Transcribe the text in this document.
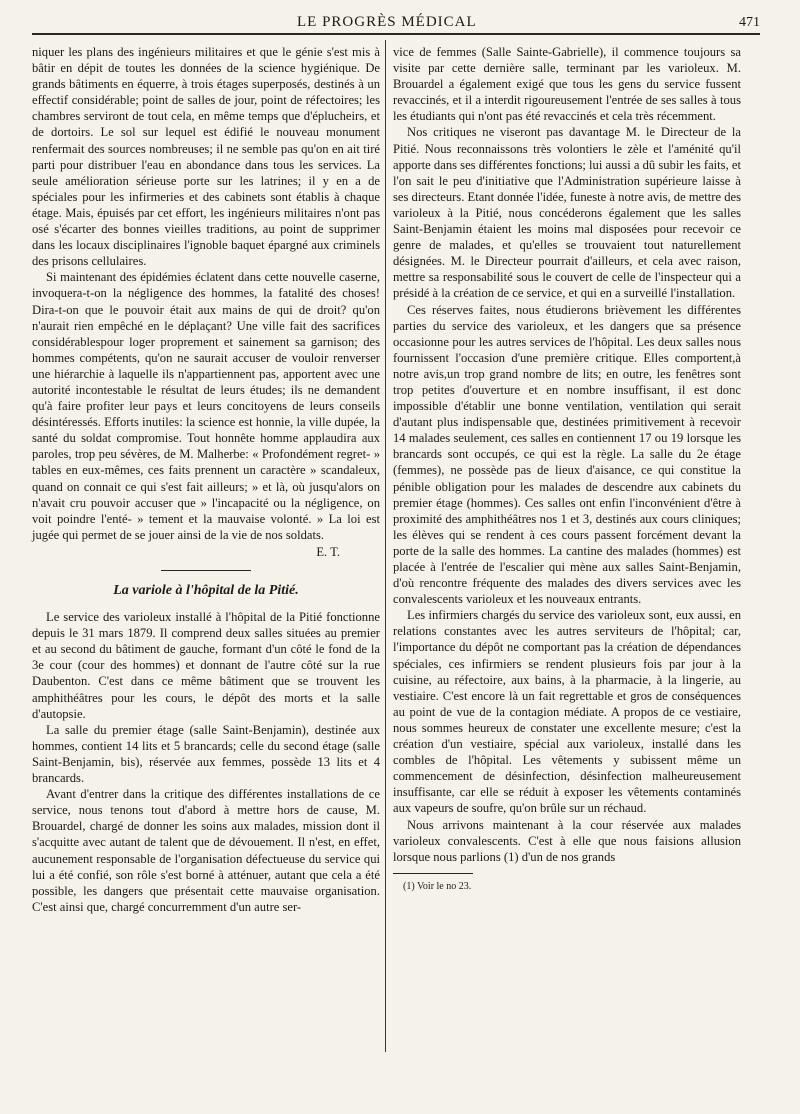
LE PROGRÈS MÉDICAL	471

niquer les plans des ingénieurs militaires et que le génie s'est mis à bâtir en dépit de toutes les données de la science hygiénique. De grands bâtiments en équerre, à trois étages superposés, destinés à un effectif considérable; point de salles de jour, point de réfectoires; les chambres serviront de tout cela, en même temps que d'éplucheirs, et de dortoirs. Le sol sur lequel est édifié le nouveau monument renfermait des sources nombreuses; il ne semble pas qu'on en ait tiré parti pour distribuer l'eau en abondance dans tous les services. La seule amélioration sérieuse porte sur les latrines; il y en a de spéciales pour les infirmeries et des cabinets sont établis à chaque étage. Mais, épuisés par cet effort, les ingénieurs militaires n'ont pas osé s'écarter des bonnes vieilles traditions, au point de supprimer dans les locaux disciplinaires l'ignoble baquet épargné aux criminels des prisons cellulaires.

Si maintenant des épidémies éclatent dans cette nouvelle caserne, invoquera-t-on la négligence des hommes, la fatalité des choses! Dira-t-on que le pouvoir était aux mains de qui de droit? qu'on n'aurait rien empêché en le déplaçant? Une ville fait des sacrifices considérablespour loger proprement et sainement sa garnison; des hommes compétents, qu'on ne saurait accuser de vouloir renverser une hiérarchie à laquelle ils n'appartiennent pas, apportent avec une autorité incontestable le résultat de leurs études; ils ne demandent qu'à faire profiter leur pays et leurs concitoyens de leurs conseils désintéressés. Efforts inutiles: la science est honnie, la ville dupée, la santé du soldat compromise. Tout honnête homme applaudira aux paroles, trop peu sévères, de M. Malherbe: « Profondément regret- » tables en eux-mêmes, ces faits prennent un caractère » scandaleux, quand on connait ce qui s'est fait ailleurs; » et là, où jusqu'alors on n'avait cru pouvoir accuser que » l'incapacité ou la négligence, on voit poindre l'enté- » tement et la mauvaise volonté. » La loi est jugée qui permet de se jouer ainsi de la vie de nos soldats.

E. T.

La variole à l'hôpital de la Pitié.

Le service des varioleux installé à l'hôpital de la Pitié fonctionne depuis le 31 mars 1879. Il comprend deux salles situées au premier et au second du bâtiment de gauche, formant d'un côté le fond de la 3e cour (cour des hommes) et donnant de l'autre côté sur la rue Daubenton. C'est dans ce même bâtiment que se trouvent les amphithéâtres pour les cours, le dépôt des morts et la salle d'autopsie.

La salle du premier étage (salle Saint-Benjamin), destinée aux hommes, contient 14 lits et 5 brancards; celle du second étage (salle Saint-Benjamin, bis), réservée aux femmes, possède 13 lits et 4 brancards.

Avant d'entrer dans la critique des différentes installations de ce service, nous tenons tout d'abord à mettre hors de cause, M. Brouardel, chargé de donner les soins aux malades, mission dont il s'acquitte avec autant de talent que de dévouement. Il n'est, en effet, aucunement responsable de l'organisation défectueuse du service qui lui a été confié, son rôle s'est borné à atténuer, autant que cela a été possible, les dangers que présentait cette mauvaise organisation. C'est ainsi que, chargé concurremment d'un autre ser-

vice de femmes (Salle Sainte-Gabrielle), il commence toujours sa visite par cette dernière salle, terminant par les varioleux. M. Brouardel a également exigé que tous les gens du service fussent revaccinés, et il a interdit rigoureusement l'entrée de ses salles à tous les étudiants qui n'ont pas été revaccinés et cela très récemment.

Nos critiques ne viseront pas davantage M. le Directeur de la Pitié. Nous reconnaissons très volontiers le zèle et l'aménité qu'il apporte dans ses différentes fonctions; lui aussi a dû subir les faits, et l'on sait le peu d'initiative que l'Administration supérieure laisse à ses directeurs. Etant donnée l'idée, funeste à notre avis, de mettre des varioleux à la Pitié, nous concéderons également que les salles Saint-Benjamin étaient les moins mal disposées pour recevoir ce genre de malades, et qu'elles se trouvaient tout naturellement désignées. M. le Directeur pourrait d'ailleurs, et cela avec raison, mettre sa responsabilité sous le couvert de celle de l'inspecteur qui a présidé à la création de ce service, et qui en a surveillé l'installation.

Ces réserves faites, nous étudierons brièvement les différentes parties du service des varioleux, et les dangers que sa présence occasionne pour les autres services de l'hôpital. Les deux salles nous fournissent l'occasion d'une première critique. Elles comportent,à notre avis,un trop grand nombre de lits; en outre, les fenêtres sont trop petites d'ouverture et en nombre insuffisant, il est donc impossible d'établir une bonne ventilation, ventilation qui serait d'autant plus indispensable que, destinées primitivement à recevoir 14 malades seulement, ces salles en contiennent 17 ou 19 lorsque les brancards sont occupés, ce qui est la règle. La salle du 2e étage (femmes), ne possède pas de lieux d'aisance, ce qui constitue la pénible obligation pour les malades de descendre aux cabinets du premier étage (hommes). Ces salles ont enfin l'inconvénient d'être à proximité des amphithéâtres nos 1 et 3, destinés aux cours cliniques; les élèves qui se rendent à ces cours passent forcément devant la porte de la salle des hommes. La cantine des malades (hommes) est placée à l'entrée de l'escalier qui mène aux salles Saint-Benjamin, d'où rencontre fréquente des malades des divers services avec les convalescents varioleux et les nouveaux entrants.

Les infirmiers chargés du service des varioleux sont, eux aussi, en relations constantes avec les autres serviteurs de l'hôpital; car, l'importance du dépôt ne comportant pas la création de dépendances spéciales, ces infirmiers se rendent plusieurs fois par jour à la cuisine, au réfectoire, aux bains, à la pharmacie, à la lingerie, au vestiaire. C'est encore là un fait regrettable et gros de conséquences au point de vue de la contagion médiate. A propos de ce vestiaire, nous sommes heureux de constater une excellente mesure; c'est la création d'un vestiaire, spécial aux varioleux, installé dans les combles de l'hôpital. Les vêtements y subissent même un commencement de désinfection, désinfection malheureusement insuffisante, car elle se réduit à exposer les vêtements contaminés aux vapeurs de soufre, qu'on brûle sur un réchaud.

Nous arrivons maintenant à la cour réservée aux malades varioleux convalescents. C'est à elle que nous faisions allusion lorsque nous parlions (1) d'un de nos grands

(1) Voir le no 23.
